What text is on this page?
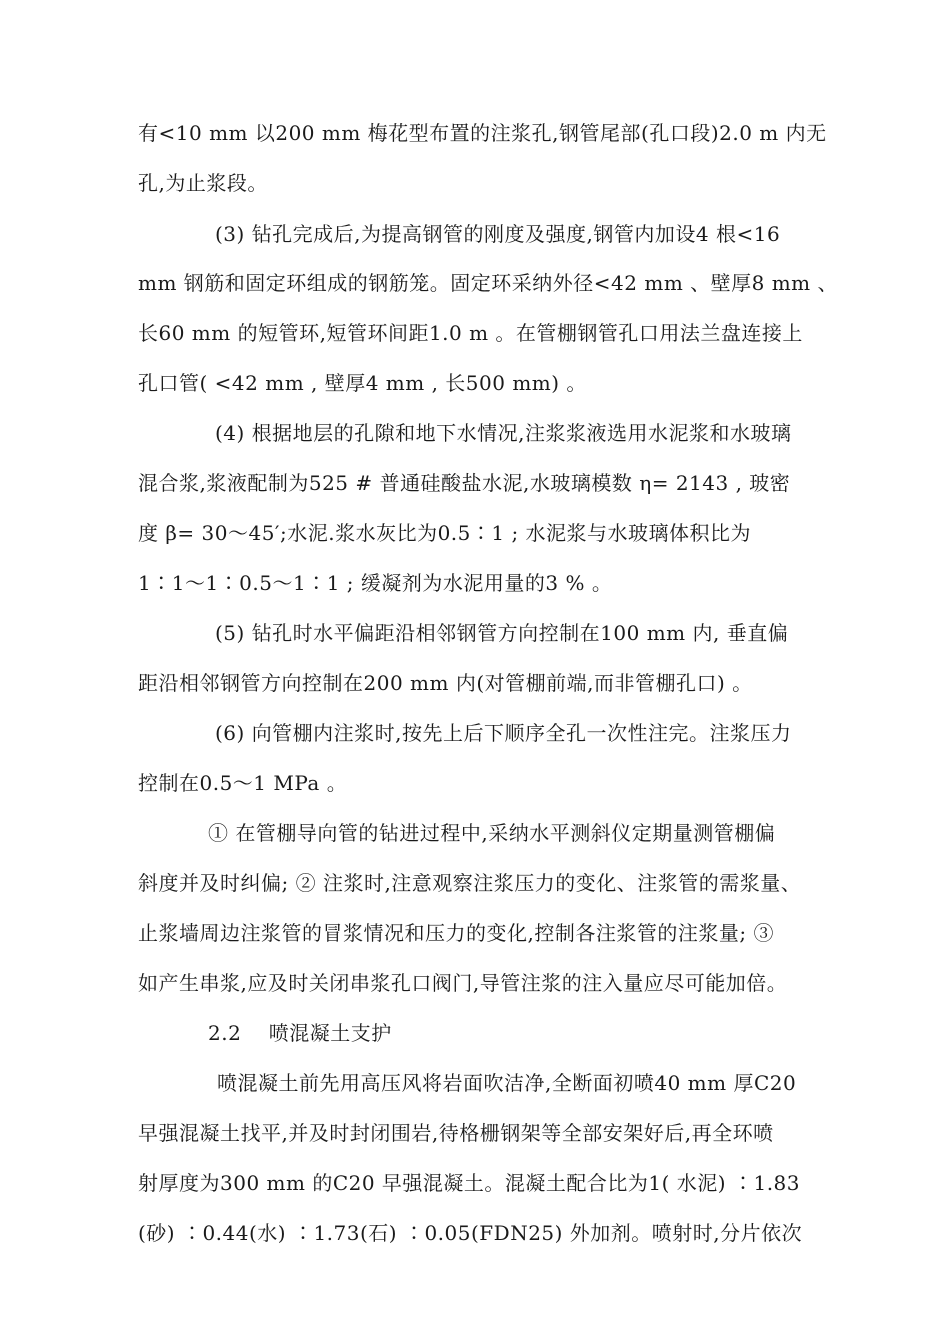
有<10 mm 以200 mm 梅花型布置的注浆孔,钢管尾部(孔口段)2.0 m 内无
孔,为止浆段。
(3) 钻孔完成后,为提高钢管的刚度及强度,钢管内加设4 根<16
mm 钢筋和固定环组成的钢筋笼。固定环采纳外径<42 mm 、壁厚8 mm 、
长60 mm 的短管环,短管环间距1.0 m 。在管棚钢管孔口用法兰盘连接上
孔口管( <42 mm , 壁厚4 mm , 长500 mm) 。
(4) 根据地层的孔隙和地下水情况,注浆浆液选用水泥浆和水玻璃
混合浆,浆液配制为525 # 普通硅酸盐水泥,水玻璃模数 η= 2143 , 玻密
度 β= 30～45′;水泥.浆水灰比为0.5∶1 ; 水泥浆与水玻璃体积比为
1∶1～1∶0.5～1∶1 ; 缓凝剂为水泥用量的3 % 。
(5) 钻孔时水平偏距沿相邻钢管方向控制在100 mm 内, 垂直偏
距沿相邻钢管方向控制在200 mm 内(对管棚前端,而非管棚孔口) 。
(6) 向管棚内注浆时,按先上后下顺序全孔一次性注完。注浆压力
控制在0.5～1 MPa 。
① 在管棚导向管的钻进过程中,采纳水平测斜仪定期量测管棚偏
斜度并及时纠偏; ② 注浆时,注意观察注浆压力的变化、注浆管的需浆量、
止浆墙周边注浆管的冒浆情况和压力的变化,控制各注浆管的注浆量; ③
如产生串浆,应及时关闭串浆孔口阀门,导管注浆的注入量应尽可能加倍。
2.2    喷混凝土支护
喷混凝土前先用高压风将岩面吹洁净,全断面初喷40 mm 厚C20
早强混凝土找平,并及时封闭围岩,待格栅钢架等全部安架好后,再全环喷
射厚度为300 mm 的C20 早强混凝土。混凝土配合比为1( 水泥) ∶1.83
(砂) ∶0.44(水) ∶1.73(石) ∶0.05(FDN25) 外加剂。喷射时,分片依次
